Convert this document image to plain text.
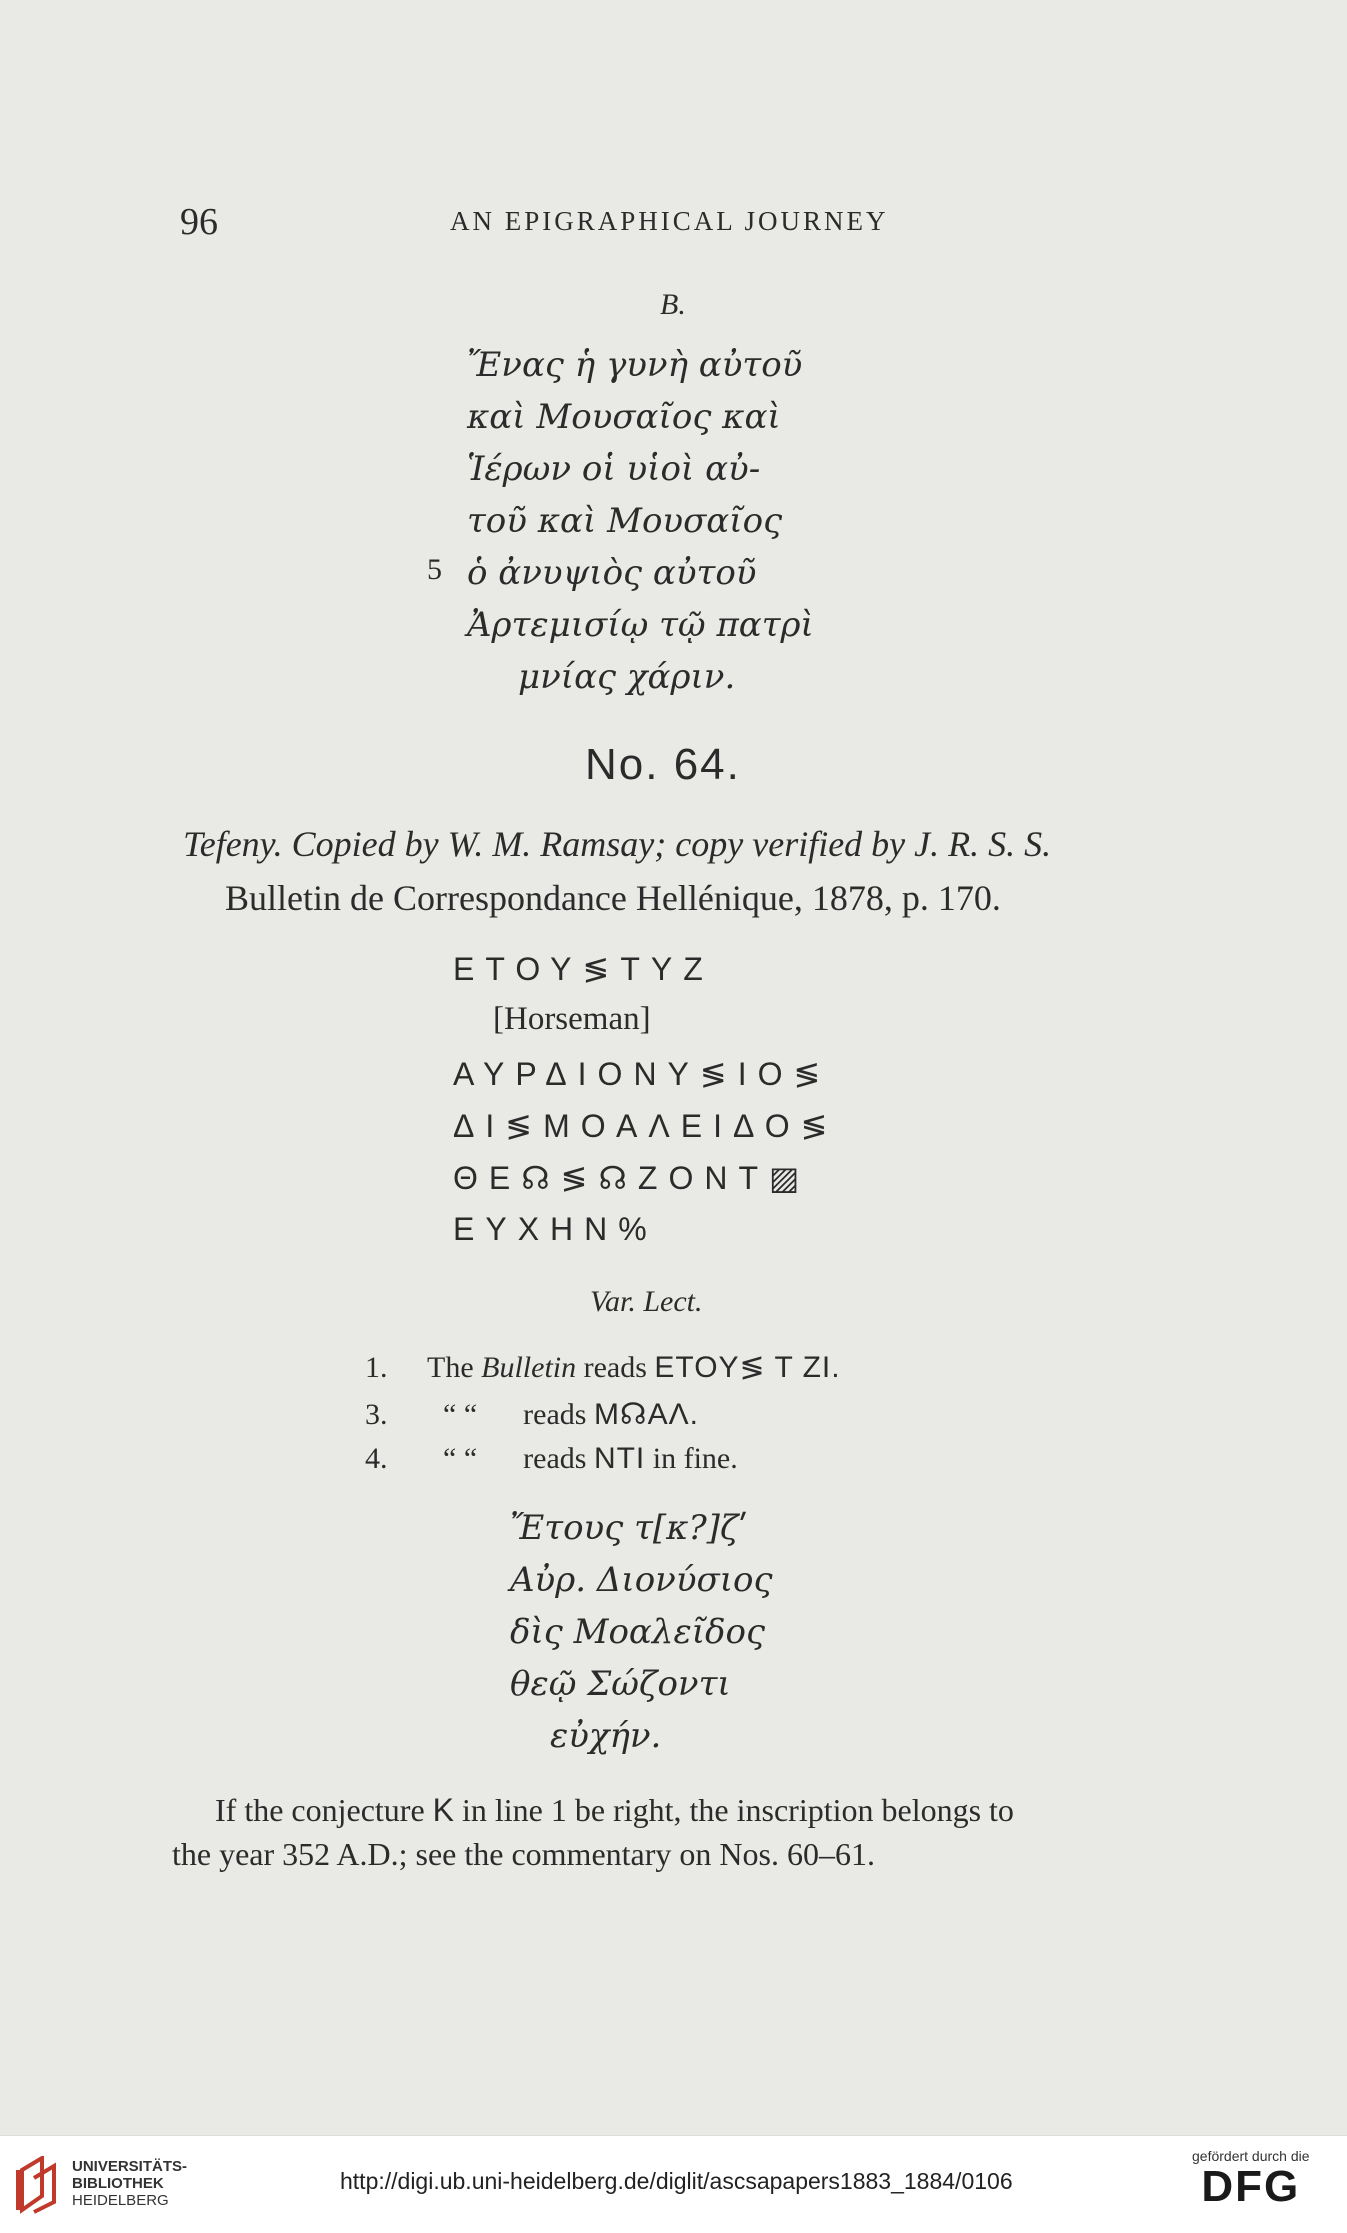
96	AN EPIGRAPHICAL JOURNEY
B.
Ἔνας ἡ γυνὴ αὐτοῦ
καὶ Μουσαῖος καὶ
Ἱέρων οἱ υἱοὶ αὐ-
τοῦ καὶ Μουσαῖος
5 ὁ ἀνυψιὸς αὐτοῦ
Ἀρτεμισίῳ τῷ πατρὶ
μνίας χάριν.
No. 64.
Tefeny. Copied by W. M. Ramsay; copy verified by J. R. S. S.
Bulletin de Correspondance Hellénique, 1878, p. 170.
ΕΤΟΥ≶ΤΥΖ
[Horseman]
ΑΥΡΔΙΟΝΥ≶ΙΟ≶
ΔΙ≶ΜΟΑΛΕΙΔΟ≶
ΘΕ☊≶☊ΖΟΝΤ▨
ΕΥΧΗΝ%
Var. Lect.
1. The Bulletin reads ETOY≶ T ZI.
3. “ “ reads M☊AΛ.
4. “ “ reads NTI in fine.
Ἔτους τ[κ?]ζʹ
Αὐρ. Διονύσιος
δὶς Μοαλεῖδος
θεῷ Σώζοντι
εὐχήν.
If the conjecture K in line 1 be right, the inscription belongs to
the year 352 A.D.; see the commentary on Nos. 60–61.
UNIVERSITÄTS-
BIBLIOTHEK
HEIDELBERG
http://digi.ub.uni-heidelberg.de/diglit/ascsapapers1883_1884/0106
gefördert durch die
DFG
